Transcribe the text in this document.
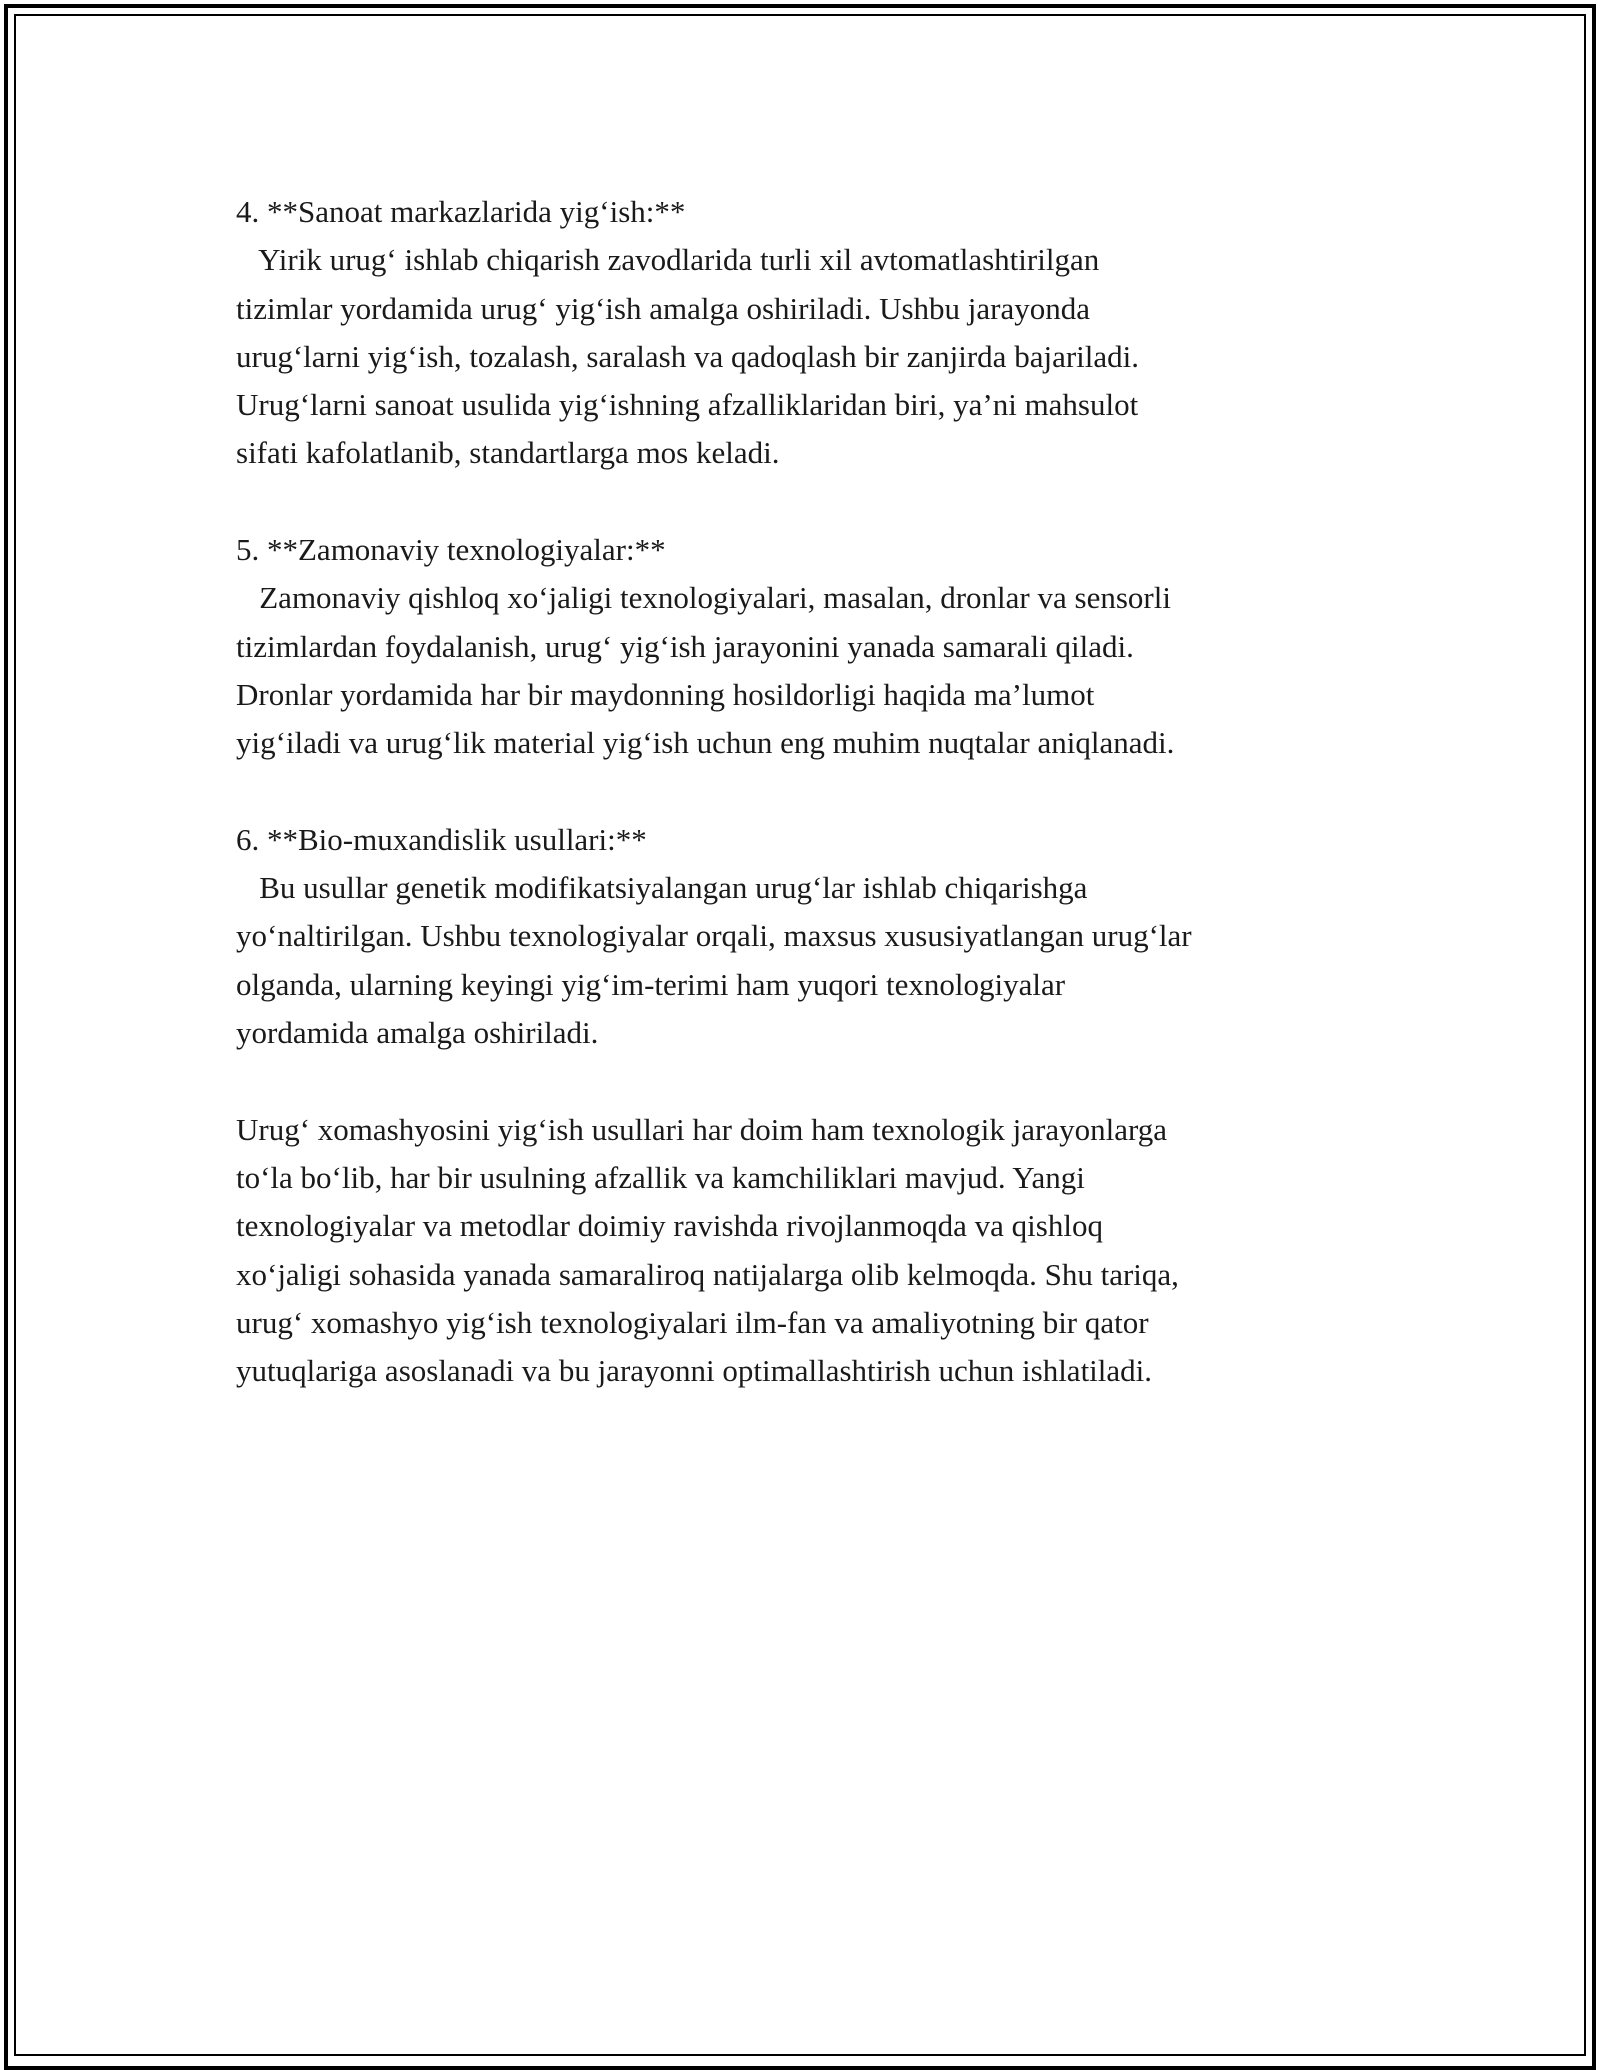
4. **Sanoat markazlarida yig‘ish:**
Yirik urug‘ ishlab chiqarish zavodlarida turli xil avtomatlashtirilgan
tizimlar yordamida urug‘ yig‘ish amalga oshiriladi. Ushbu jarayonda
urug‘larni yig‘ish, tozalash, saralash va qadoqlash bir zanjirda bajariladi.
Urug‘larni sanoat usulida yig‘ishning afzalliklaridan biri, ya’ni mahsulot
sifati kafolatlanib, standartlarga mos keladi.
5. **Zamonaviy texnologiyalar:**
Zamonaviy qishloq xo‘jaligi texnologiyalari, masalan, dronlar va sensorli
tizimlardan foydalanish, urug‘ yig‘ish jarayonini yanada samarali qiladi.
Dronlar yordamida har bir maydonning hosildorligi haqida ma’lumot
yig‘iladi va urug‘lik material yig‘ish uchun eng muhim nuqtalar aniqlanadi.
6. **Bio-muxandislik usullari:**
Bu usullar genetik modifikatsiyalangan urug‘lar ishlab chiqarishga
yo‘naltirilgan. Ushbu texnologiyalar orqali, maxsus xususiyatlangan urug‘lar
olganda, ularning keyingi yig‘im-terimi ham yuqori texnologiyalar
yordamida amalga oshiriladi.
Urug‘ xomashyosini yig‘ish usullari har doim ham texnologik jarayonlarga
to‘la bo‘lib, har bir usulning afzallik va kamchiliklari mavjud. Yangi
texnologiyalar va metodlar doimiy ravishda rivojlanmoqda va qishloq
xo‘jaligi sohasida yanada samaraliroq natijalarga olib kelmoqda. Shu tariqa,
urug‘ xomashyo yig‘ish texnologiyalari ilm-fan va amaliyotning bir qator
yutuqlariga asoslanadi va bu jarayonni optimallashtirish uchun ishlatiladi.
